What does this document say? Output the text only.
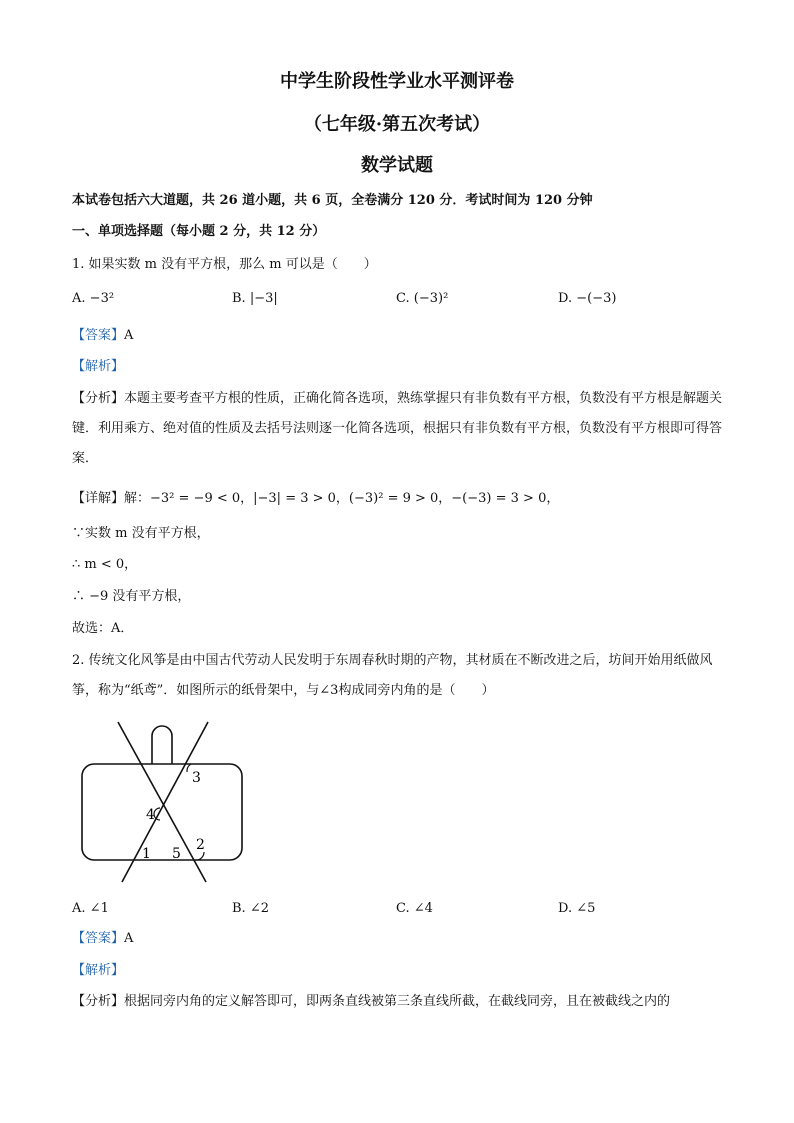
中学生阶段性学业水平测评卷
（七年级·第五次考试）
数学试题
本试卷包括六大道题，共 26 道小题，共 6 页，全卷满分 120 分．考试时间为 120 分钟
一、单项选择题（每小题 2 分，共 12 分）
1. 如果实数 m 没有平方根，那么 m 可以是（　　）
A. −3²	B. |−3|	C. (−3)²	D. −(−3)
【答案】A
【解析】
【分析】本题主要考查平方根的性质，正确化简各选项，熟练掌握只有非负数有平方根，负数没有平方根是解题关键．利用乘方、绝对值的性质及去括号法则逐一化简各选项，根据只有非负数有平方根，负数没有平方根即可得答案．
【详解】解：−3² = −9 < 0，|−3| = 3 > 0，(−3)² = 9 > 0，−(−3) = 3 > 0，
∵实数 m 没有平方根，
∴ m < 0，
∴ −9 没有平方根，
故选：A．
2. 传统文化风筝是由中国古代劳动人民发明于东周春秋时期的产物，其材质在不断改进之后，坊间开始用纸做风筝，称为“纸鸢”．如图所示的纸骨架中，与∠3构成同旁内角的是（　　）
3
4
2
1 5
A. ∠1	B. ∠2	C. ∠4	D. ∠5
【答案】A
【解析】
【分析】根据同旁内角的定义解答即可，即两条直线被第三条直线所截，在截线同旁，且在被截线之内的
